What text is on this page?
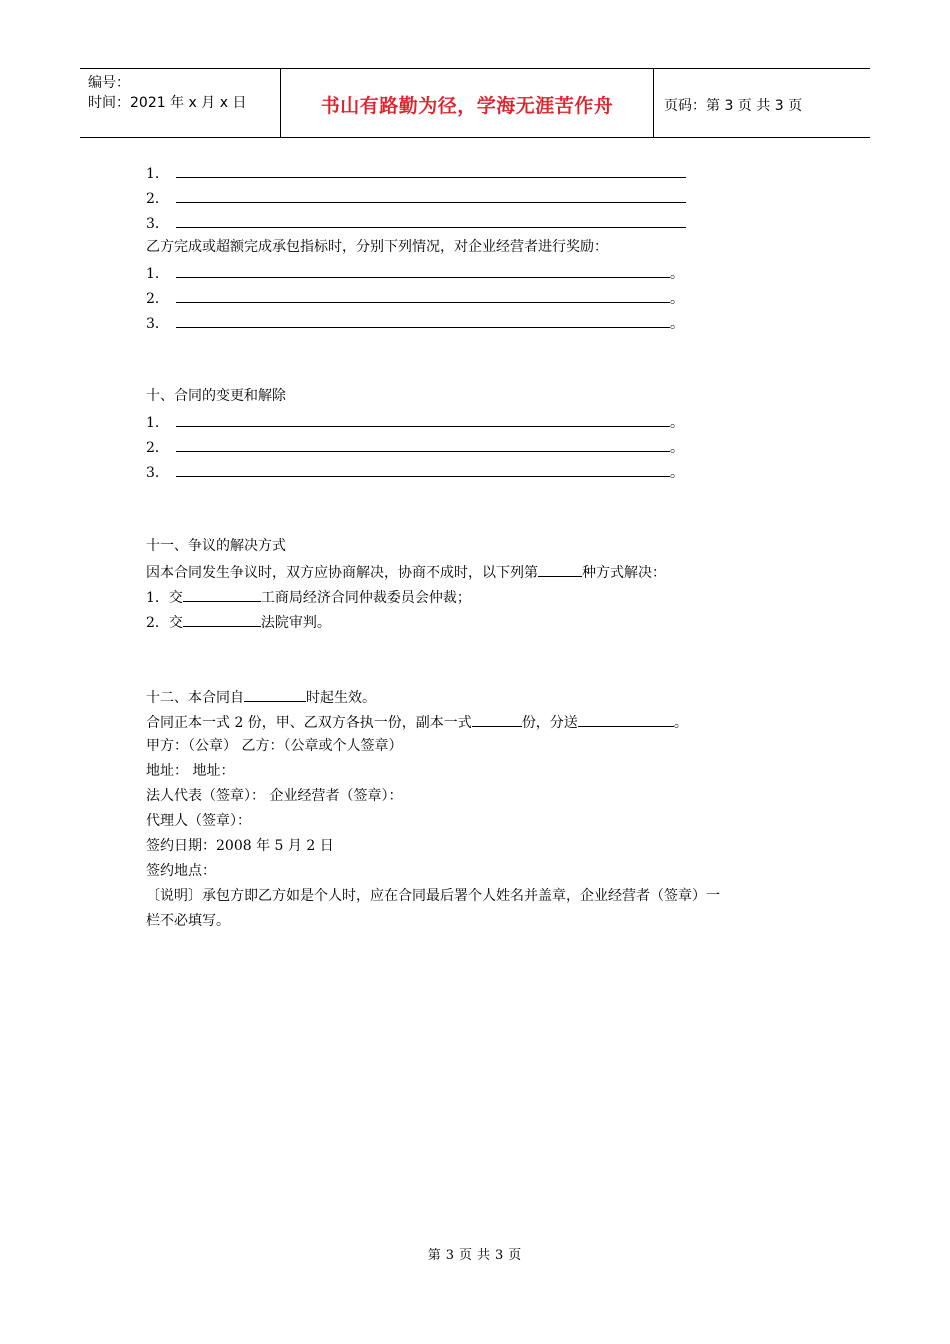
编号：
时间：2021 年 x 月 x 日	书山有路勤为径，学海无涯苦作舟	页码：第 3 页 共 3 页
1．
2．
3．
乙方完成或超额完成承包指标时，分别下列情况，对企业经营者进行奖励：
1．	。
2．	。
3．	。
十、合同的变更和解除
1．	。
2．	。
3．	。
十一、争议的解决方式
因本合同发生争议时，双方应协商解决，协商不成时，以下列第	种方式解决：
1．交	工商局经济合同仲裁委员会仲裁；
2．交	法院审判。
十二、本合同自	时起生效。
合同正本一式 2 份，甲、乙双方各执一份，副本一式	份，分送	。
甲方：（公章） 乙方：（公章或个人签章）
地址： 地址：
法人代表（签章）： 企业经营者（签章）：
代理人（签章）：
签约日期：2008 年 5 月 2 日
签约地点：
〔说明〕承包方即乙方如是个人时，应在合同最后署个人姓名并盖章，企业经营者（签章）一
栏不必填写。
第 3 页 共 3 页
